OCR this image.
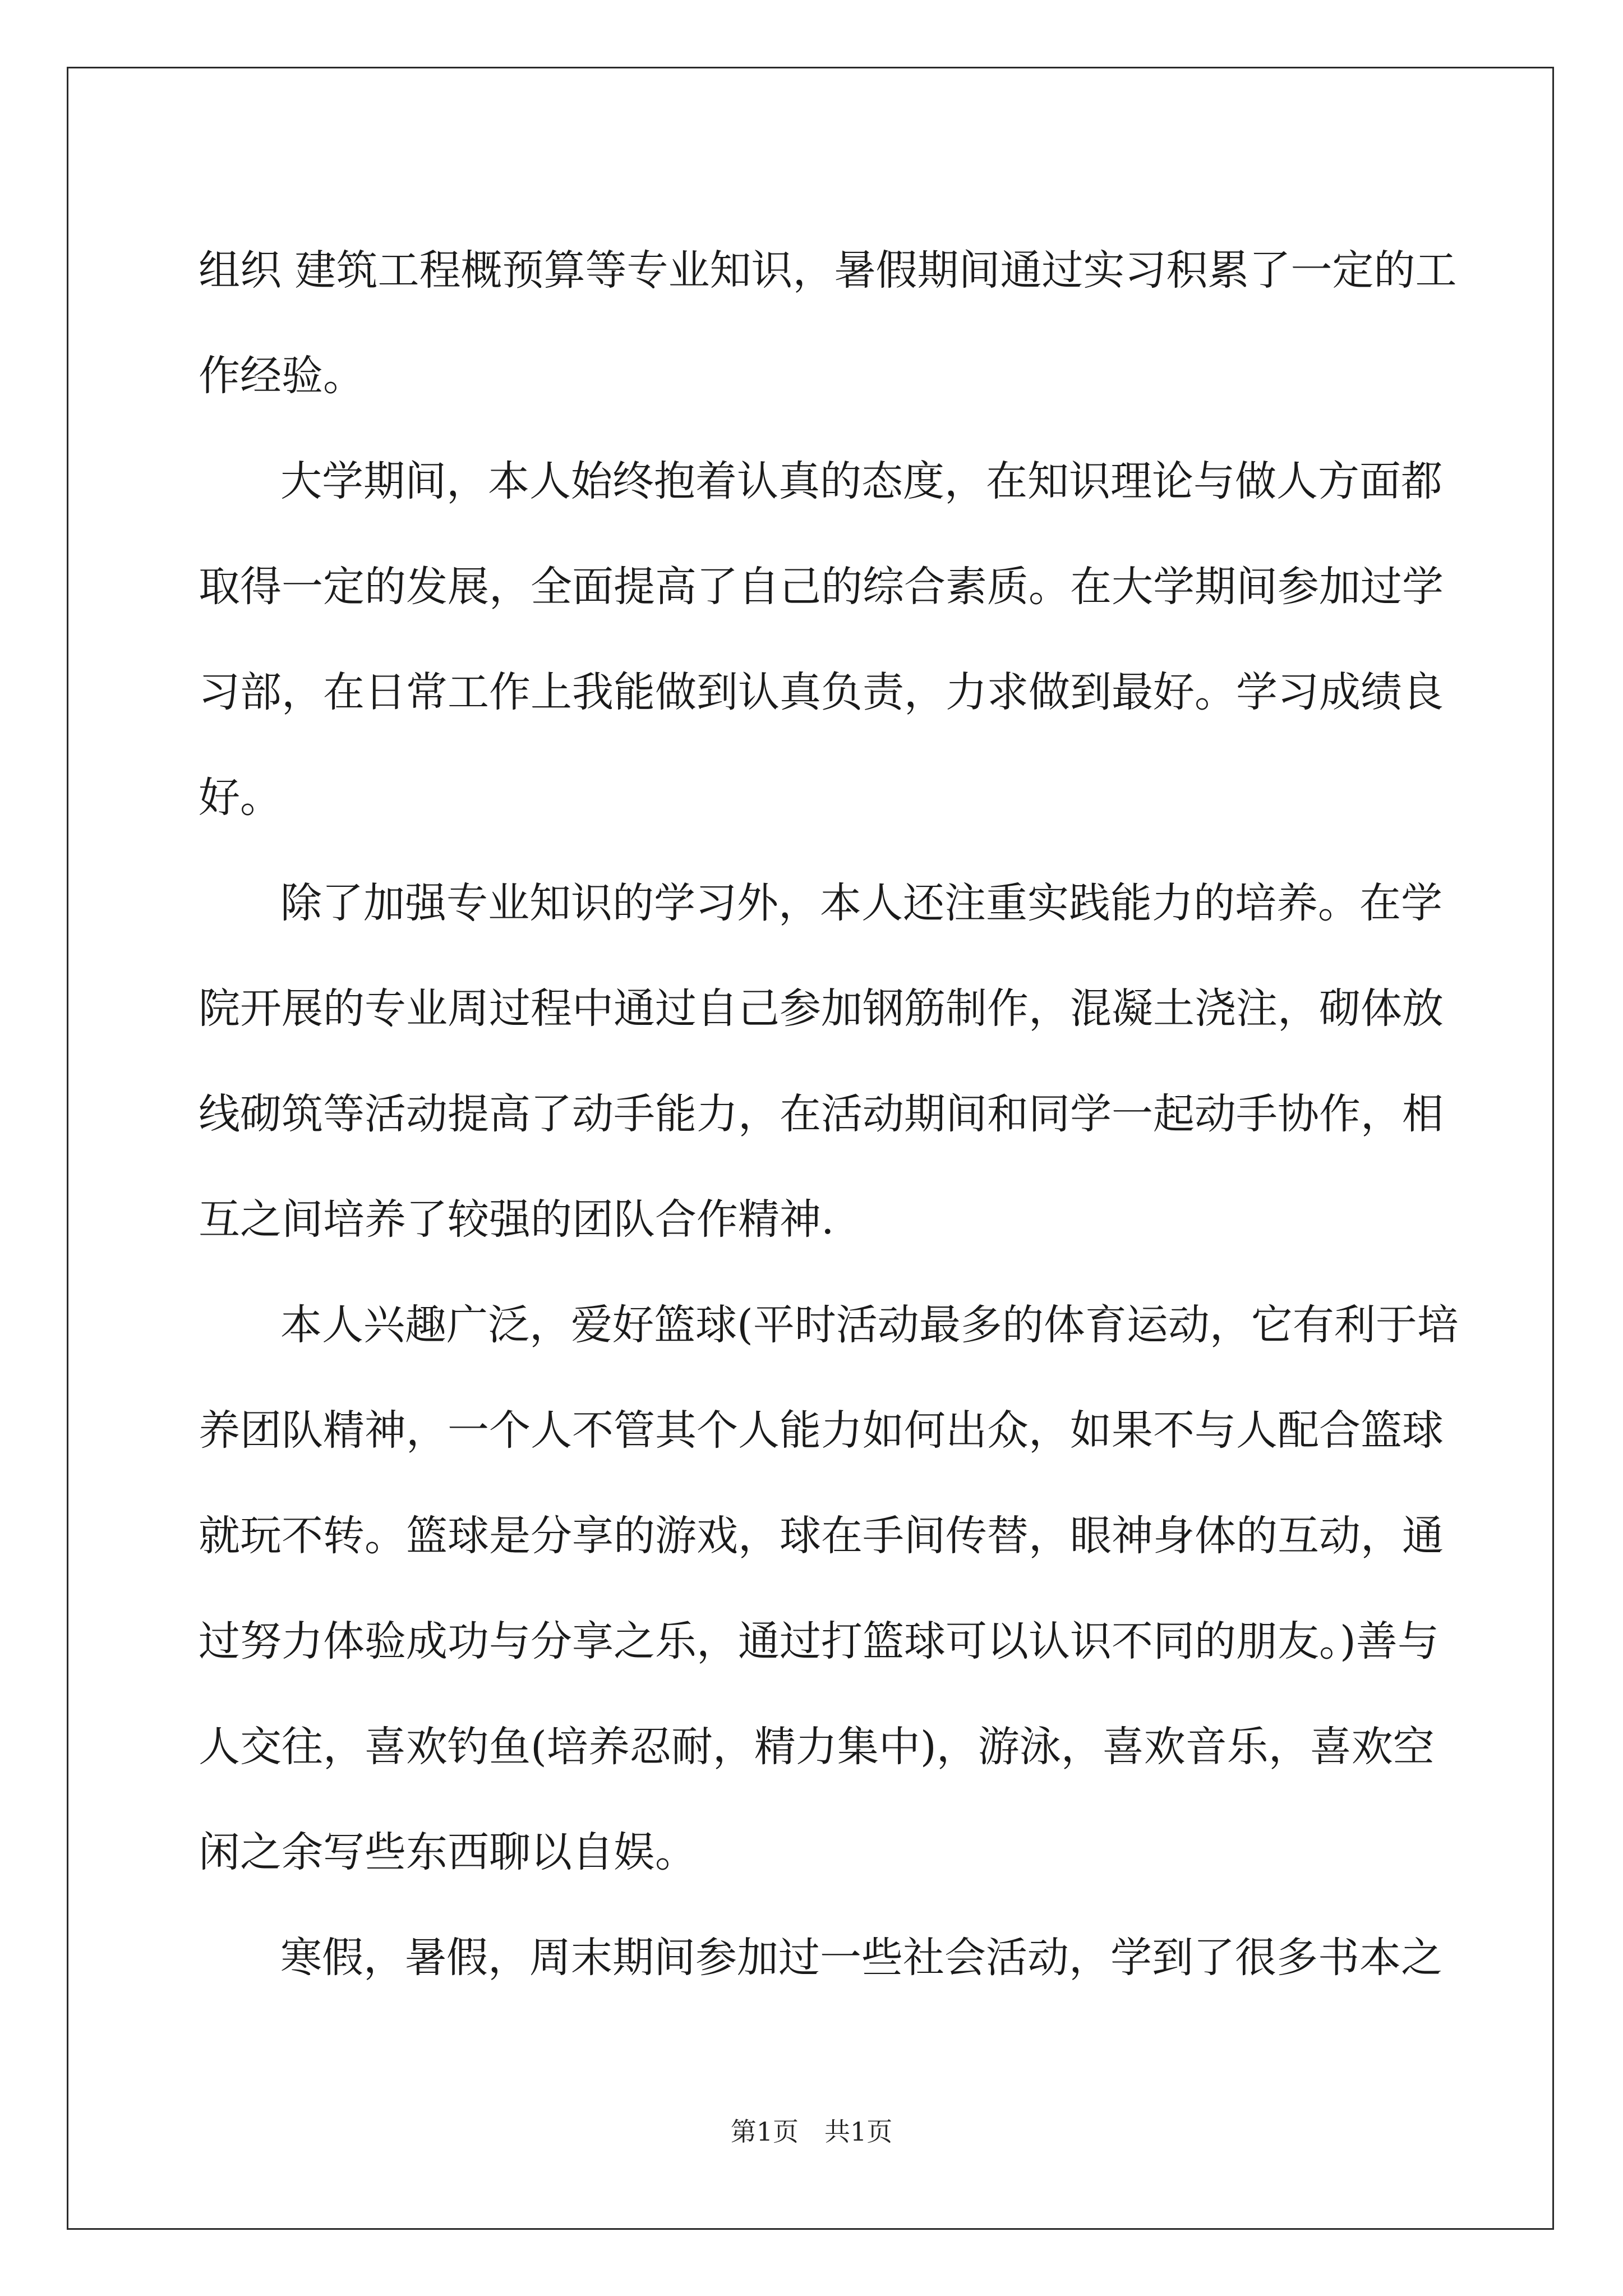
组织 建筑工程概预算等专业知识，暑假期间通过实习积累了一定的工
作经验。
大学期间，本人始终抱着认真的态度，在知识理论与做人方面都
取得一定的发展，全面提高了自己的综合素质。在大学期间参加过学
习部，在日常工作上我能做到认真负责，力求做到最好。学习成绩良
好。
除了加强专业知识的学习外，本人还注重实践能力的培养。在学
院开展的专业周过程中通过自己参加钢筋制作，混凝土浇注，砌体放
线砌筑等活动提高了动手能力，在活动期间和同学一起动手协作，相
互之间培养了较强的团队合作精神.
本人兴趣广泛，爱好篮球(平时活动最多的体育运动，它有利于培
养团队精神，一个人不管其个人能力如何出众，如果不与人配合篮球
就玩不转。篮球是分享的游戏，球在手间传替，眼神身体的互动，通
过努力体验成功与分享之乐，通过打篮球可以认识不同的朋友。)善与
人交往，喜欢钓鱼(培养忍耐，精力集中)，游泳，喜欢音乐，喜欢空
闲之余写些东西聊以自娱。
寒假，暑假，周末期间参加过一些社会活动，学到了很多书本之
第1页　共1页
